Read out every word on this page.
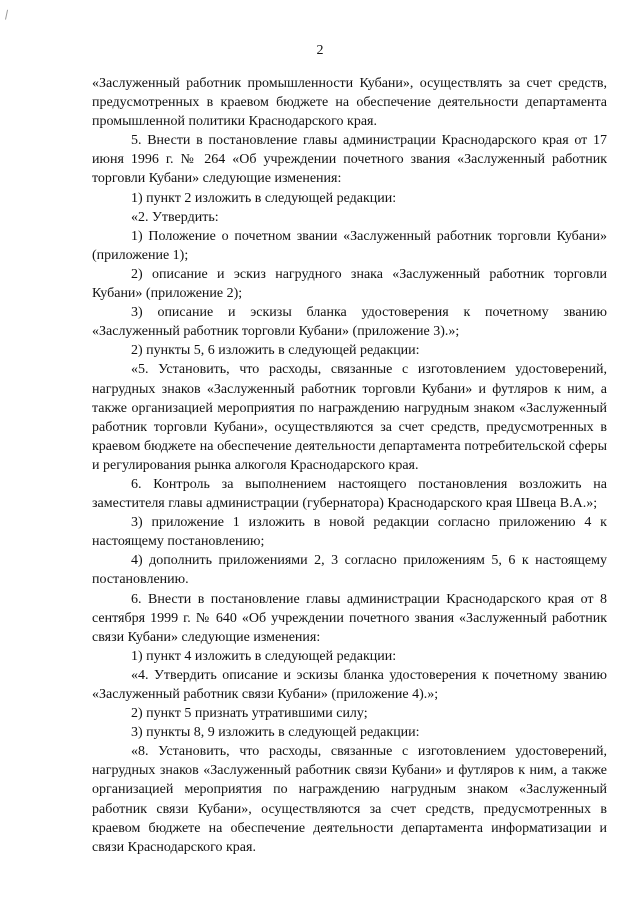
2

«Заслуженный работник промышленности Кубани», осуществлять за счет средств, предусмотренных в краевом бюджете на обеспечение деятельности департамента промышленной политики Краснодарского края.

5. Внести в постановление главы администрации Краснодарского края от 17 июня 1996 г. № 264 «Об учреждении почетного звания «Заслуженный работник торговли Кубани» следующие изменения:

1) пункт 2 изложить в следующей редакции:

«2. Утвердить:

1) Положение о почетном звании «Заслуженный работник торговли Кубани» (приложение 1);

2) описание и эскиз нагрудного знака «Заслуженный работник торговли Кубани» (приложение 2);

3) описание и эскизы бланка удостоверения к почетному званию «Заслуженный работник торговли Кубани» (приложение 3).»;

2) пункты 5, 6 изложить в следующей редакции:

«5. Установить, что расходы, связанные с изготовлением удостоверений, нагрудных знаков «Заслуженный работник торговли Кубани» и футляров к ним, а также организацией мероприятия по награждению нагрудным знаком «Заслуженный работник торговли Кубани», осуществляются за счет средств, предусмотренных в краевом бюджете на обеспечение деятельности департамента потребительской сферы и регулирования рынка алкоголя Краснодарского края.

6. Контроль за выполнением настоящего постановления возложить на заместителя главы администрации (губернатора) Краснодарского края Швеца В.А.»;

3) приложение 1 изложить в новой редакции согласно приложению 4 к настоящему постановлению;

4) дополнить приложениями 2, 3 согласно приложениям 5, 6 к настоящему постановлению.

6. Внести в постановление главы администрации Краснодарского края от 8 сентября 1999 г. № 640 «Об учреждении почетного звания «Заслуженный работник связи Кубани» следующие изменения:

1) пункт 4 изложить в следующей редакции:

«4. Утвердить описание и эскизы бланка удостоверения к почетному званию «Заслуженный работник связи Кубани» (приложение 4).»;

2) пункт 5 признать утратившими силу;

3) пункты 8, 9 изложить в следующей редакции:

«8. Установить, что расходы, связанные с изготовлением удостоверений, нагрудных знаков «Заслуженный работник связи Кубани» и футляров к ним, а также организацией мероприятия по награждению нагрудным знаком «Заслуженный работник связи Кубани», осуществляются за счет средств, предусмотренных в краевом бюджете на обеспечение деятельности департамента информатизации и связи Краснодарского края.
